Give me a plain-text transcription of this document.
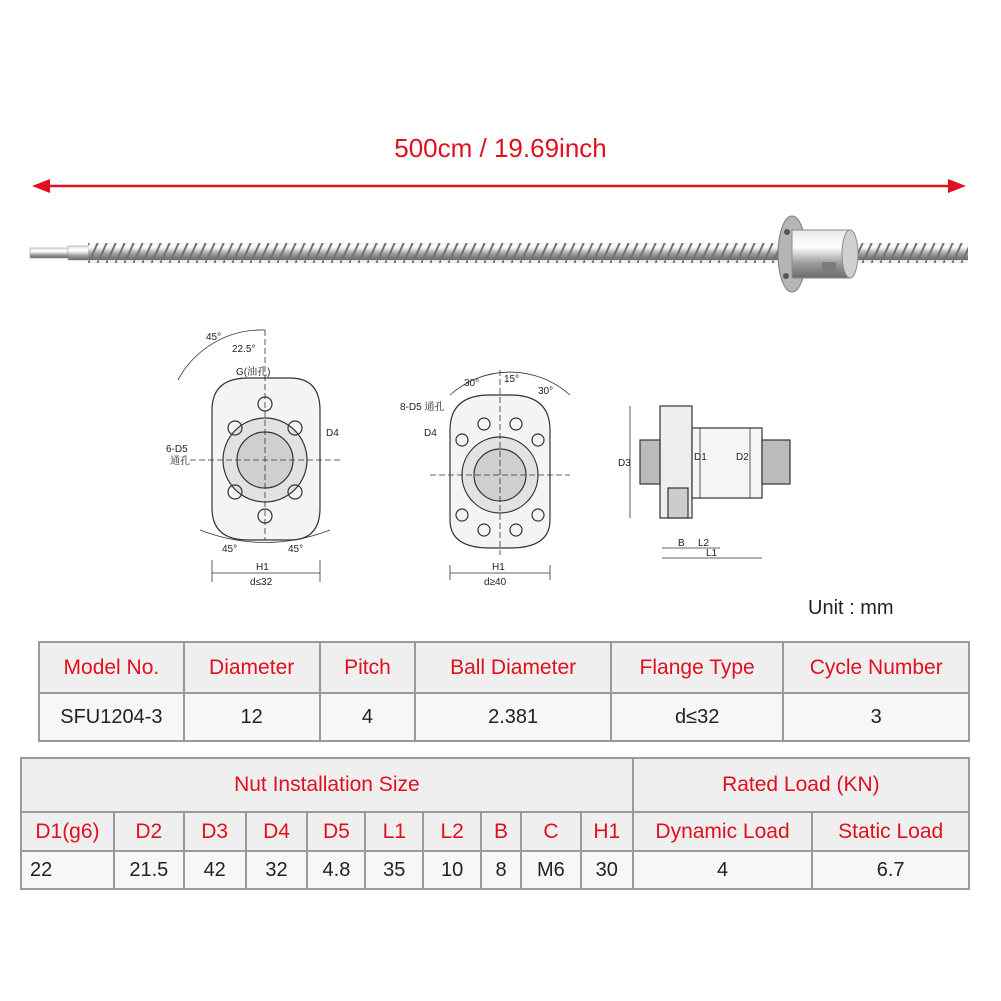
500cm / 19.69inch
45°
22.5°
G(油孔)
6-D5
通孔
D4
45°	45°
H1
d≤32
8-D5 通孔
30° 15°
30°
D4
H1
d≥40
D3
D1	D2
B L2
L1
Unit : mm
Model No.	Diameter	Pitch	Ball Diameter	Flange Type	Cycle Number
SFU1204-3	12	4	2.381	d≤32	3
Nut Installation Size										Rated Load (KN)	
D1(g6)	D2	D3	D4	D5	L1	L2	B	C	H1	Dynamic Load	Static Load
22	21.5	42	32	4.8	35	10	8	M6	30	4	6.7
